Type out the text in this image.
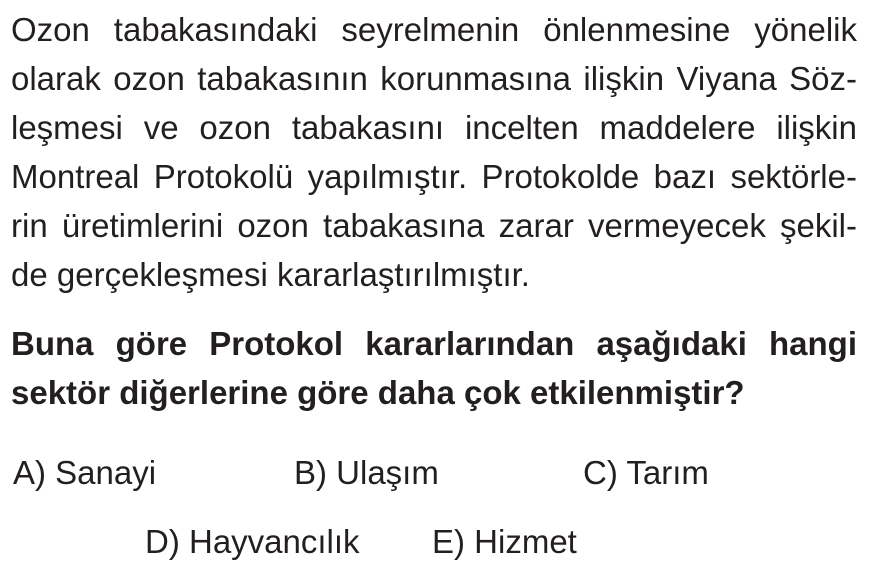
Ozon tabakasındaki seyrelmenin önlenmesine yönelik
olarak ozon tabakasının korunmasına ilişkin Viyana Söz-
leşmesi ve ozon tabakasını incelten maddelere ilişkin
Montreal Protokolü yapılmıştır. Protokolde bazı sektörle-
rin üretimlerini ozon tabakasına zarar vermeyecek şekil-
de gerçekleşmesi kararlaştırılmıştır.
Buna göre Protokol kararlarından aşağıdaki hangi
sektör diğerlerine göre daha çok etkilenmiştir?
A) Sanayi	B) Ulaşım	C) Tarım
D) Hayvancılık E) Hizmet
